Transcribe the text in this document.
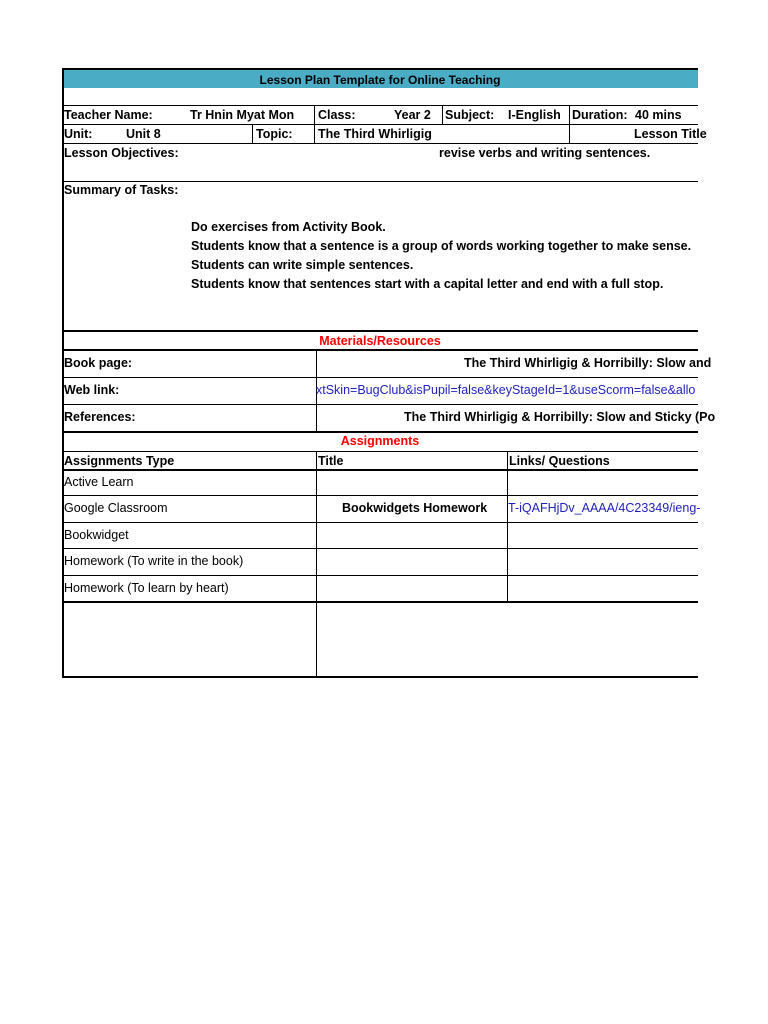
Lesson Plan Template for Online Teaching
Teacher Name:	Tr Hnin Myat Mon Class:	Year 2 Subject: I-English Duration: 40 mins
Unit:	Unit 8	Topic: The Third Whirligig	Lesson Title
Lesson Objectives:	revise verbs and writing sentences.
Summary of Tasks:
Do exercises from Activity Book.
Students know that a sentence is a group of words working together to make sense.
Students can write simple sentences.
Students know that sentences start with a capital letter and end with a full stop.
Materials/Resources
Book page:	The Third Whirligig & Horribilly: Slow and
Web link:	xtSkin=BugClub&isPupil=false&keyStageId=1&useScorm=false&allo
References:	The Third Whirligig & Horribilly: Slow and Sticky (Po
Assignments
Assignments Type	Title	Links/ Questions
Active Learn
Google Classroom	Bookwidgets Homework T-iQAFHjDv_AAAA/4C23349/ieng-
Bookwidget
Homework (To write in the book)
Homework (To learn by heart)
